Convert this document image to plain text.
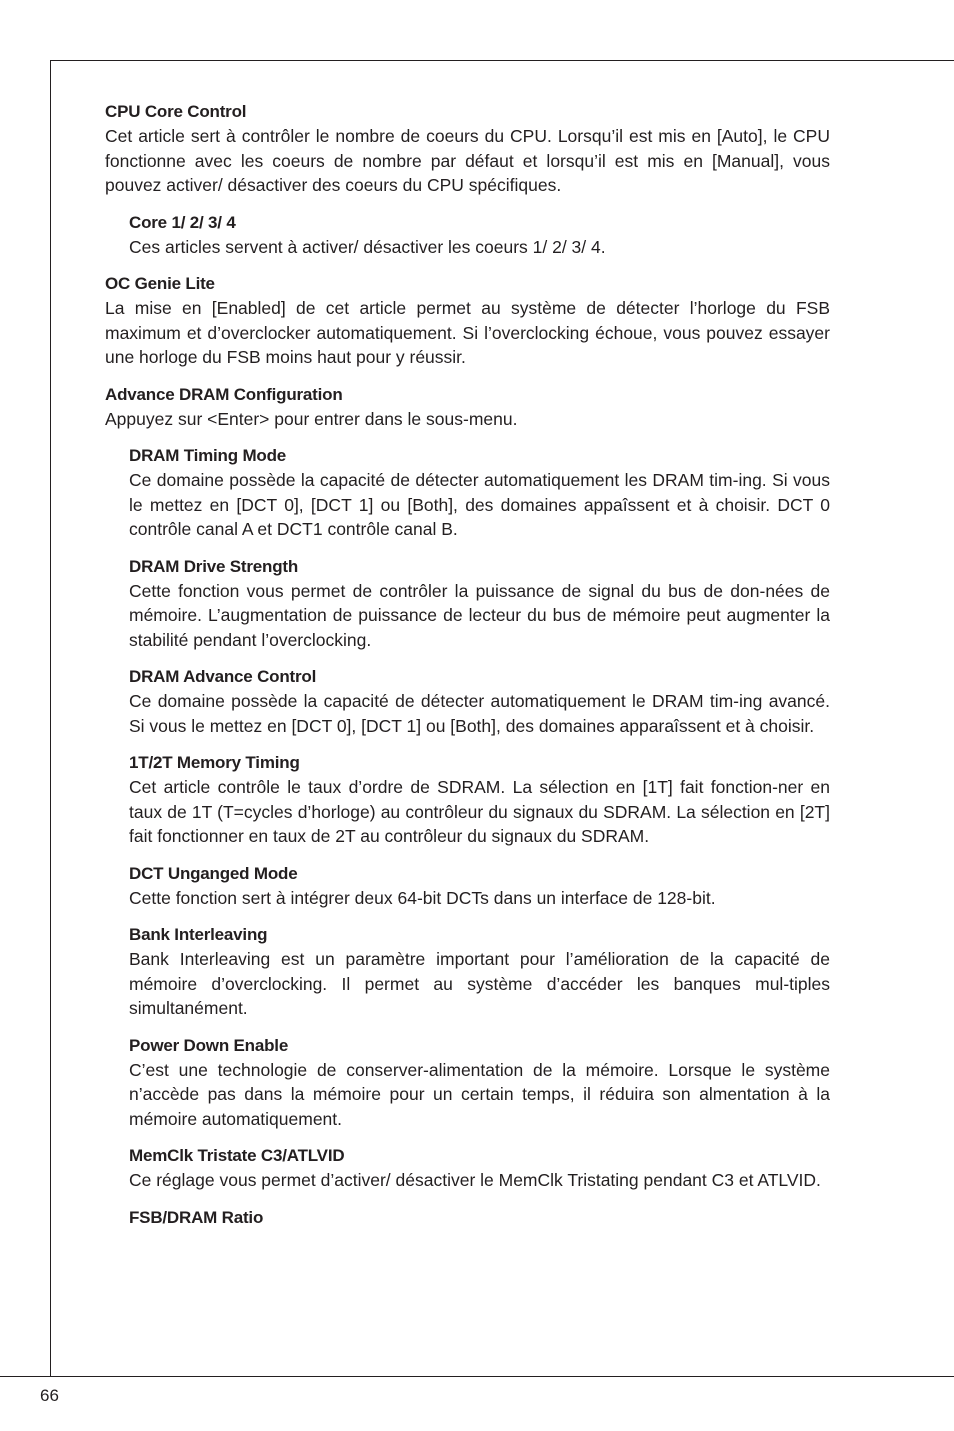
CPU Core Control
Cet article sert à contrôler le nombre de coeurs du CPU. Lorsqu’il est mis en [Auto], le CPU fonctionne avec les coeurs de nombre par défaut et lorsqu’il est mis en [Manual], vous pouvez activer/ désactiver des coeurs du CPU spécifiques.
Core 1/ 2/ 3/ 4
Ces articles servent à activer/ désactiver les coeurs 1/ 2/ 3/ 4.
OC Genie Lite
La mise en [Enabled] de cet article permet au système de détecter l’horloge du FSB maximum et d’overclocker automatiquement. Si l’overclocking échoue, vous pouvez essayer une horloge du FSB moins haut pour y réussir.
Advance DRAM Configuration
Appuyez sur <Enter> pour entrer dans le sous-menu.
DRAM Timing Mode
Ce domaine possède la capacité de détecter automatiquement les DRAM tim-ing. Si vous le mettez en [DCT 0], [DCT 1] ou [Both], des domaines appaîssent et à choisir. DCT 0 contrôle canal A et DCT1 contrôle canal B.
DRAM Drive Strength
Cette fonction vous permet de contrôler la puissance de signal du bus de don-nées de mémoire. L’augmentation de puissance de lecteur du bus de mémoire peut augmenter la stabilité pendant l’overclocking.
DRAM Advance Control
Ce domaine possède la capacité de détecter automatiquement le DRAM tim-ing avancé. Si vous le mettez en [DCT 0], [DCT 1] ou [Both], des domaines apparaîssent et à choisir.
1T/2T Memory Timing
Cet article contrôle le taux d’ordre de SDRAM. La sélection en [1T] fait fonction-ner en taux de 1T (T=cycles d’horloge) au contrôleur du signaux du SDRAM. La sélection en [2T] fait fonctionner en taux de 2T au contrôleur du signaux du SDRAM.
DCT Unganged Mode
Cette fonction sert à intégrer deux 64-bit DCTs dans un interface de 128-bit.
Bank Interleaving
Bank Interleaving est un paramètre important pour l’amélioration de la capacité de mémoire d’overclocking. Il permet au système d’accéder les banques mul-tiples simultanément.
Power Down Enable
C’est une technologie de conserver-alimentation de la mémoire. Lorsque le système n’accède pas dans la mémoire pour un certain temps, il réduira son almentation à la mémoire automatiquement.
MemClk Tristate C3/ATLVID
Ce réglage vous permet d’activer/ désactiver le MemClk Tristating pendant C3 et ATLVID.
FSB/DRAM Ratio
66
